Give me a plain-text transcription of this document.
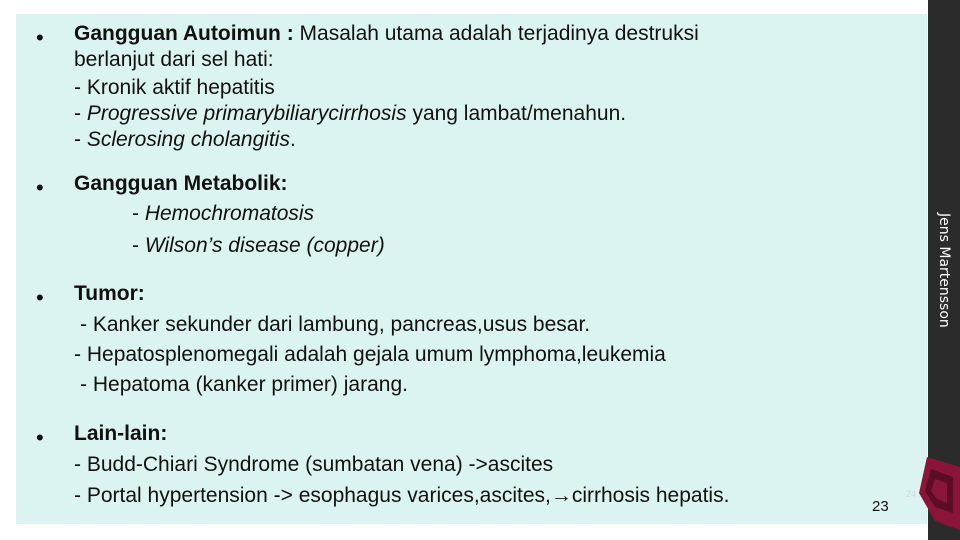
Jens Martensson
24
• Gangguan Autoimun : Masalah utama adalah terjadinya destruksi
berlanjut dari sel hati:
- Kronik aktif hepatitis
- Progressive primarybiliarycirrhosis yang lambat/menahun.
- Sclerosing cholangitis.
• Gangguan Metabolik:
- Hemochromatosis
- Wilson’s disease (copper)
• Tumor:
- Kanker sekunder dari lambung, pancreas,usus besar.
- Hepatosplenomegali adalah gejala umum lymphoma,leukemia
- Hepatoma (kanker primer) jarang.
• Lain-lain:
- Budd-Chiari Syndrome (sumbatan vena) ->ascites
- Portal hypertension -> esophagus varices,ascites,→cirrhosis hepatis.	23
